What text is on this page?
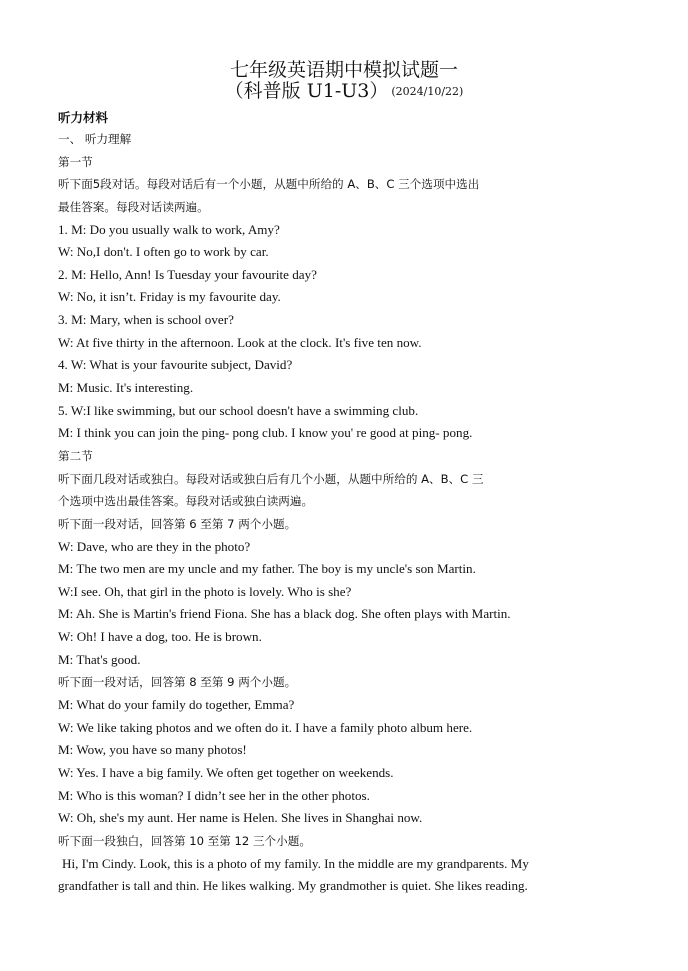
七年级英语期中模拟试题一
（科普版 U1-U3） (2024/10/22)
听力材料
一、 听力理解
第一节
听下面5段对话。每段对话后有一个小题，从题中所给的 A、B、C 三个选项中选出
最佳答案。每段对话读两遍。
1. M: Do you usually walk to work, Amy?
W: No,I don't. I often go to work by car.
2. M: Hello, Ann! Is Tuesday your favourite day?
W: No, it isn’t. Friday is my favourite day.
3. M: Mary, when is school over?
W: At five thirty in the afternoon. Look at the clock. It's five ten now.
4. W: What is your favourite subject, David?
M: Music. It's interesting.
5. W:I like swimming, but our school doesn't have a swimming club.
M: I think you can join the ping- pong club. I know you' re good at ping- pong.
第二节
听下面几段对话或独白。每段对话或独白后有几个小题，从题中所给的 A、B、C 三
个选项中选出最佳答案。每段对话或独白读两遍。
听下面一段对话，回答第 6 至第 7 两个小题。
W: Dave, who are they in the photo?
M: The two men are my uncle and my father. The boy is my uncle's son Martin.
W:I see. Oh, that girl in the photo is lovely. Who is she?
M: Ah. She is Martin's friend Fiona. She has a black dog. She often plays with Martin.
W: Oh! I have a dog, too. He is brown.
M: That's good.
听下面一段对话，回答第 8 至第 9 两个小题。
M: What do your family do together, Emma?
W: We like taking photos and we often do it. I have a family photo album here.
M: Wow, you have so many photos!
W: Yes. I have a big family. We often get together on weekends.
M: Who is this woman? I didn’t see her in the other photos.
W: Oh, she's my aunt. Her name is Helen. She lives in Shanghai now.
听下面一段独白，回答第 10 至第 12 三个小题。
Hi, I'm Cindy. Look, this is a photo of my family. In the middle are my grandparents. My
grandfather is tall and thin. He likes walking. My grandmother is quiet. She likes reading.
